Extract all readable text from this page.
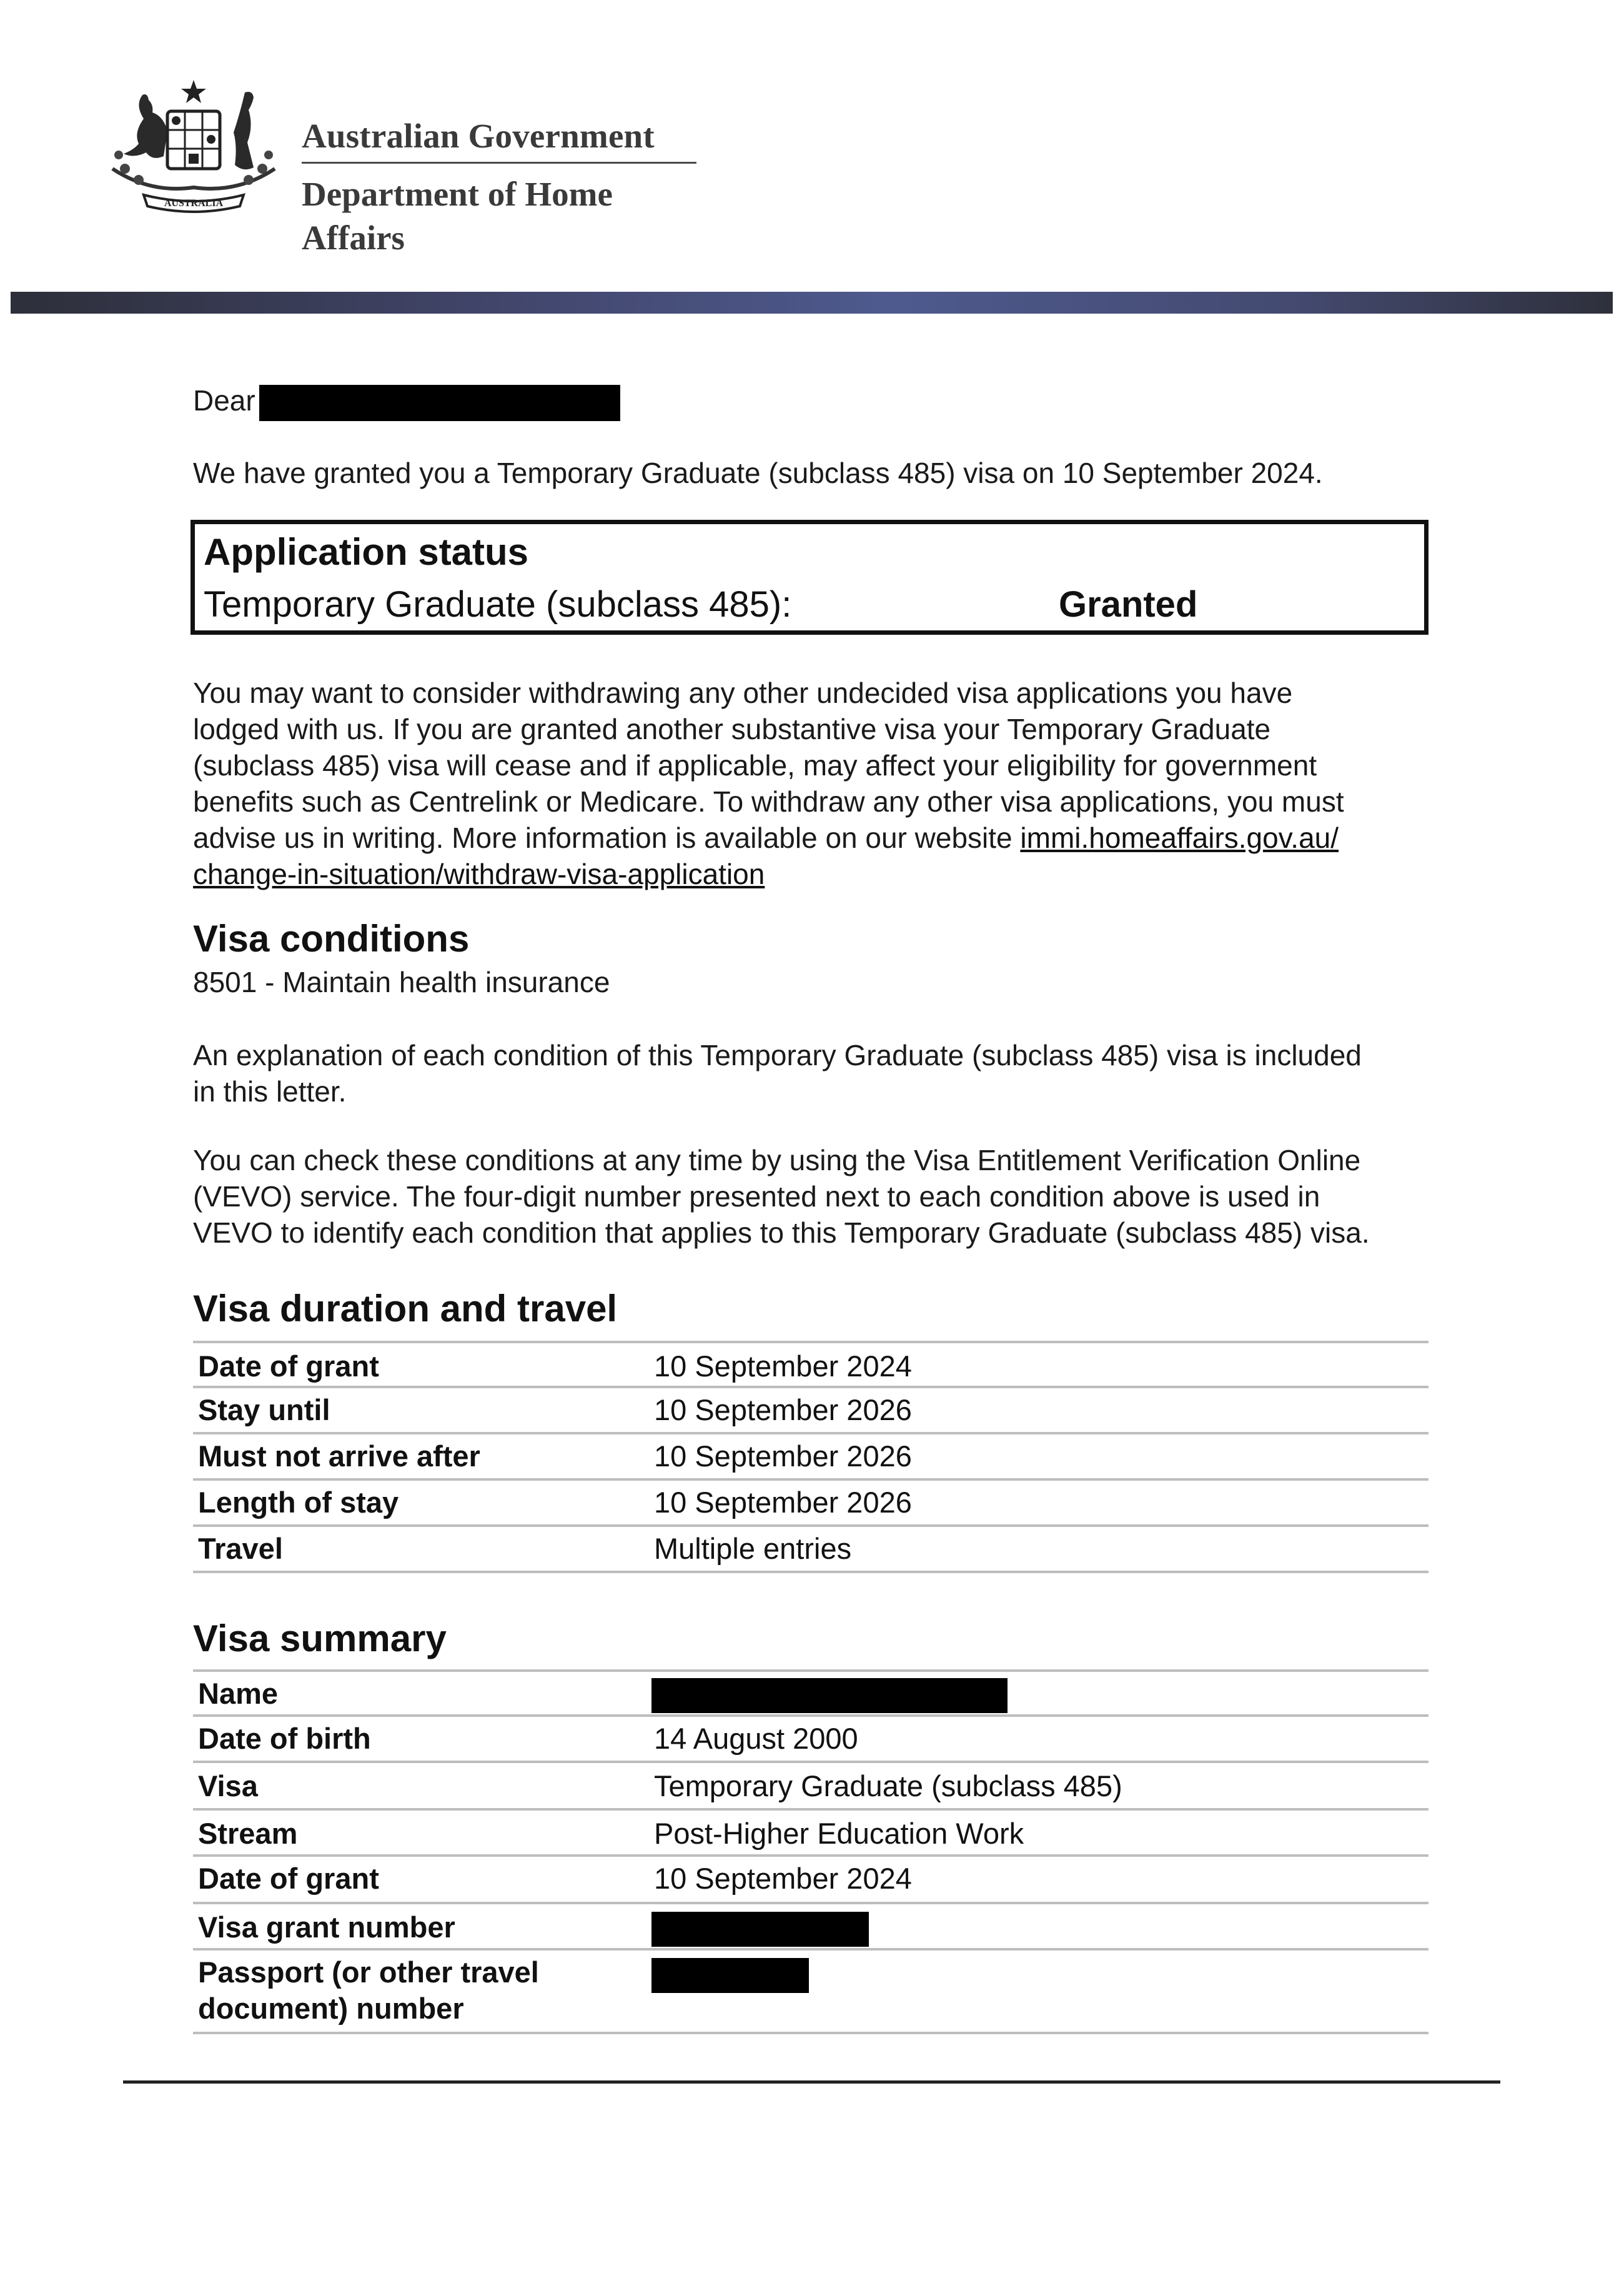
AUSTRALIA
Australian Government
Department of Home Affairs
Dear
We have granted you a Temporary Graduate (subclass 485) visa on 10 September 2024.
Application status
Temporary Graduate (subclass 485):	Granted
You may want to consider withdrawing any other undecided visa applications you have
lodged with us. If you are granted another substantive visa your Temporary Graduate
(subclass 485) visa will cease and if applicable, may affect your eligibility for government
benefits such as Centrelink or Medicare. To withdraw any other visa applications, you must
advise us in writing. More information is available on our website immi.homeaffairs.gov.au/
change-in-situation/withdraw-visa-application
Visa conditions
8501 - Maintain health insurance
An explanation of each condition of this Temporary Graduate (subclass 485) visa is included
in this letter.
You can check these conditions at any time by using the Visa Entitlement Verification Online
(VEVO) service. The four-digit number presented next to each condition above is used in
VEVO to identify each condition that applies to this Temporary Graduate (subclass 485) visa.
Visa duration and travel
Date of grant	10 September 2024
Stay until	10 September 2026
Must not arrive after	10 September 2026
Length of stay	10 September 2026
Travel	Multiple entries
Visa summary
Name
Date of birth	14 August 2000
Visa	Temporary Graduate (subclass 485)
Stream	Post-Higher Education Work
Date of grant	10 September 2024
Visa grant number
Passport (or other travel
document) number
